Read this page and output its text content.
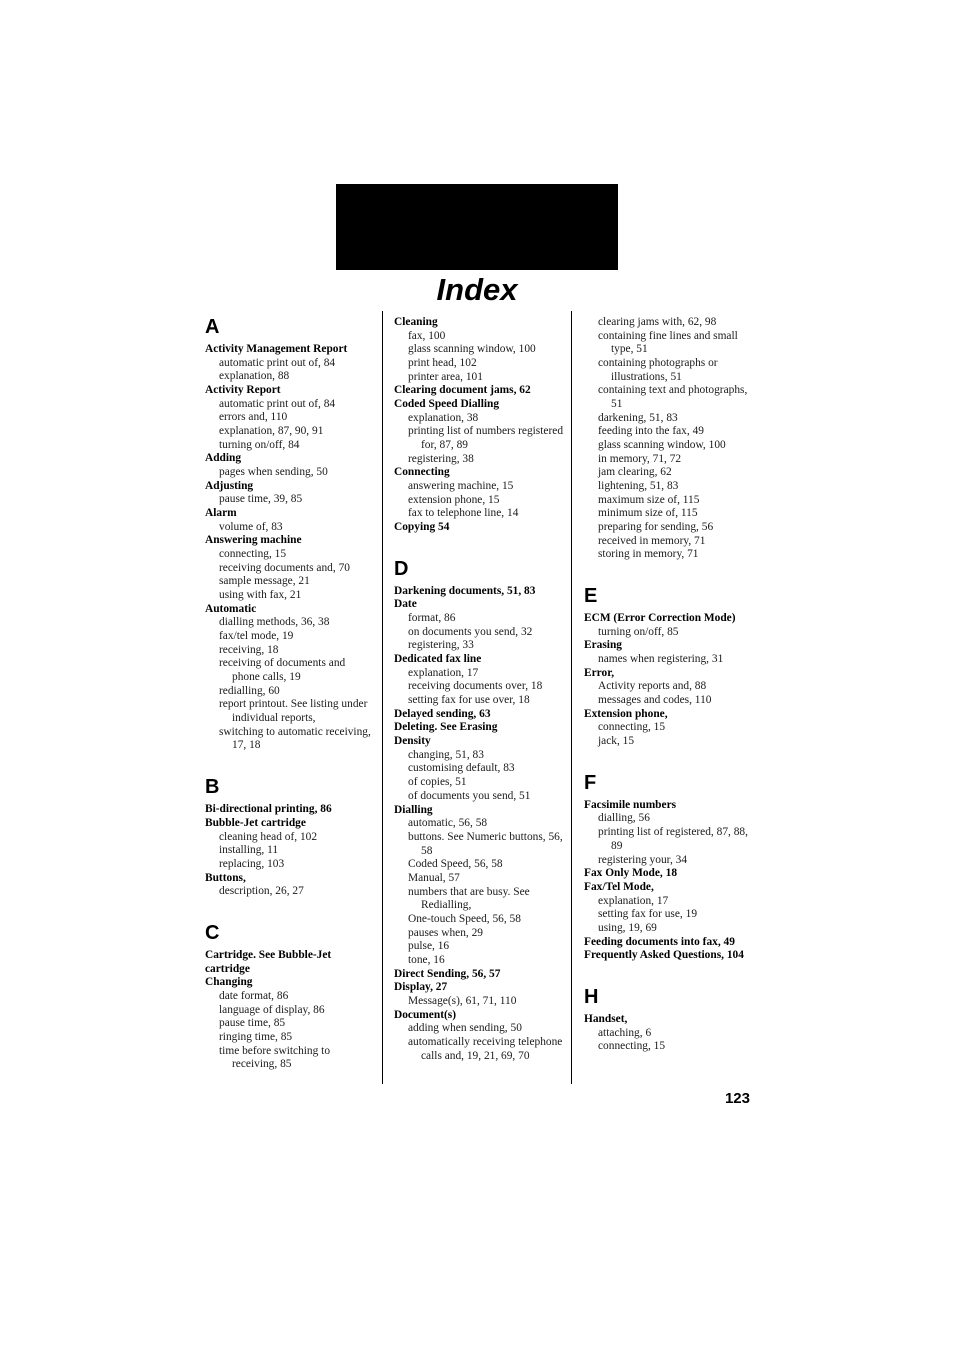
Index
A
Activity Management Report
automatic print out of, 84
explanation, 88
Activity Report
automatic print out of, 84
errors and, 110
explanation, 87, 90, 91
turning on/off, 84
Adding
pages when sending, 50
Adjusting
pause time, 39, 85
Alarm
volume of, 83
Answering machine
connecting, 15
receiving documents and, 70
sample message, 21
using with fax, 21
Automatic
dialling methods, 36, 38
fax/tel mode, 19
receiving, 18
receiving of documents and phone calls, 19
redialling, 60
report printout. See listing under individual reports,
switching to automatic receiving, 17, 18
B
Bi-directional printing, 86
Bubble-Jet cartridge
cleaning head of, 102
installing, 11
replacing, 103
Buttons,
description, 26, 27
C
Cartridge. See Bubble-Jet cartridge
Changing
date format, 86
language of display, 86
pause time, 85
ringing time, 85
time before switching to receiving, 85
Cleaning
fax, 100
glass scanning window, 100
print head, 102
printer area, 101
Clearing document jams, 62
Coded Speed Dialling
explanation, 38
printing list of numbers registered for, 87, 89
registering, 38
Connecting
answering machine, 15
extension phone, 15
fax to telephone line, 14
Copying 54
D
Darkening documents, 51, 83
Date
format, 86
on documents you send, 32
registering, 33
Dedicated fax line
explanation, 17
receiving documents over, 18
setting fax for use over, 18
Delayed sending, 63
Deleting. See Erasing
Density
changing, 51, 83
customising default, 83
of copies, 51
of documents you send, 51
Dialling
automatic, 56, 58
buttons. See Numeric buttons, 56, 58
Coded Speed, 56, 58
Manual, 57
numbers that are busy. See Redialling,
One-touch Speed, 56, 58
pauses when, 29
pulse, 16
tone, 16
Direct Sending, 56, 57
Display, 27
Message(s), 61, 71, 110
Document(s)
adding when sending, 50
automatically receiving telephone calls and, 19, 21, 69, 70
clearing jams with, 62, 98
containing fine lines and small type, 51
containing photographs or illustrations, 51
containing text and photographs, 51
darkening, 51, 83
feeding into the fax, 49
glass scanning window, 100
in memory, 71, 72
jam clearing, 62
lightening, 51, 83
maximum size of, 115
minimum size of, 115
preparing for sending, 56
received in memory, 71
storing in memory, 71
E
ECM (Error Correction Mode)
turning on/off, 85
Erasing
names when registering, 31
Error,
Activity reports and, 88
messages and codes, 110
Extension phone,
connecting, 15
jack, 15
F
Facsimile numbers
dialling, 56
printing list of registered, 87, 88, 89
registering your, 34
Fax Only Mode, 18
Fax/Tel Mode,
explanation, 17
setting fax for use, 19
using, 19, 69
Feeding documents into fax, 49
Frequently Asked Questions, 104
H
Handset,
attaching, 6
connecting, 15
123
